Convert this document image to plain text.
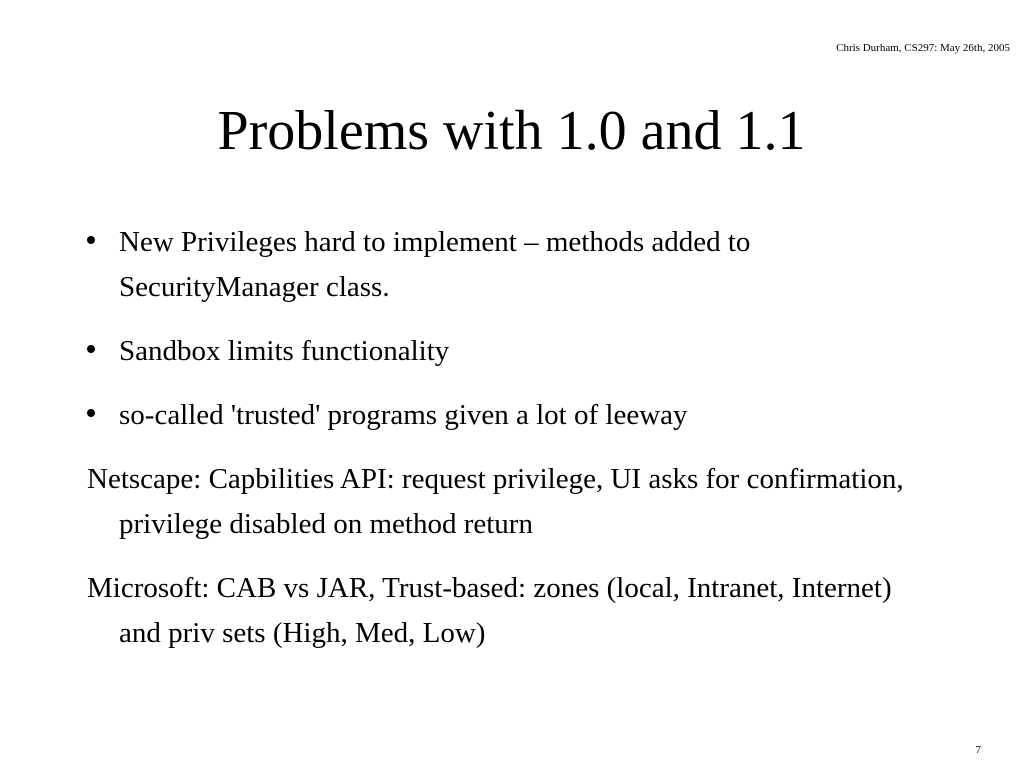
Chris Durham, CS297: May 26th, 2005
Problems with 1.0 and 1.1
New Privileges hard to implement – methods added to SecurityManager class.
Sandbox limits functionality
so-called 'trusted' programs given a lot of leeway

Netscape: Capbilities API: request privilege, UI asks for confirmation, privilege disabled on method return

Microsoft: CAB vs JAR, Trust-based: zones (local, Intranet, Internet) and priv sets (High, Med, Low)

7
